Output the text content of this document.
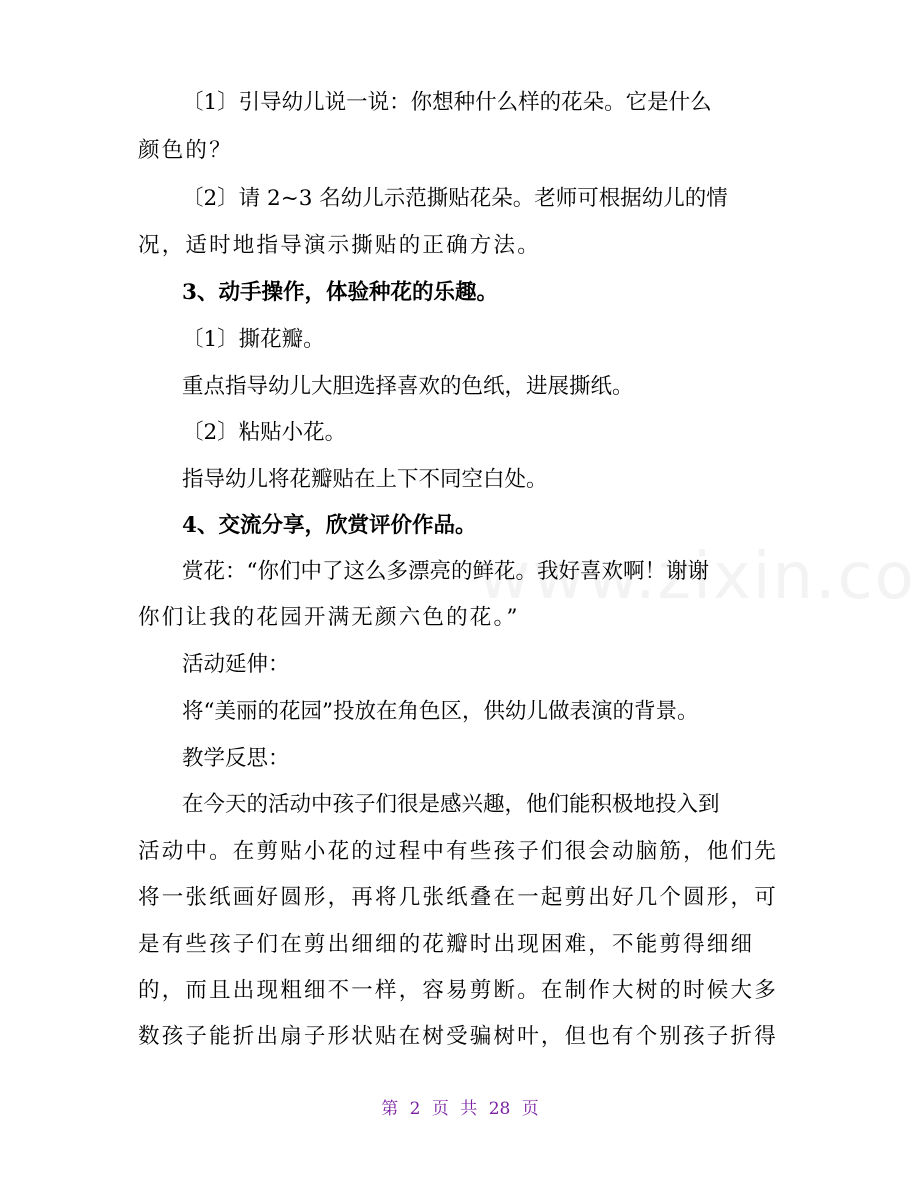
〔1〕引导幼儿说一说：你想种什么样的花朵。它是什么
颜色的？
〔2〕请 2~3 名幼儿示范撕贴花朵。老师可根据幼儿的情
况，适时地指导演示撕贴的正确方法。
3、动手操作，体验种花的乐趣。
〔1〕撕花瓣。
重点指导幼儿大胆选择喜欢的色纸，进展撕纸。
〔2〕粘贴小花。
指导幼儿将花瓣贴在上下不同空白处。
4、交流分享，欣赏评价作品。
赏花：“你们中了这么多漂亮的鲜花。我好喜欢啊！谢谢
你们让我的花园开满无颜六色的花。”
活动延伸：
将“美丽的花园”投放在角色区，供幼儿做表演的背景。
教学反思：
在今天的活动中孩子们很是感兴趣，他们能积极地投入到
活动中。在剪贴小花的过程中有些孩子们很会动脑筋，他们先
将一张纸画好圆形，再将几张纸叠在一起剪出好几个圆形，可
是有些孩子们在剪出细细的花瓣时出现困难，不能剪得细细
的，而且出现粗细不一样，容易剪断。在制作大树的时候大多
数孩子能折出扇子形状贴在树受骗树叶，但也有个别孩子折得
第 2 页 共 28 页
